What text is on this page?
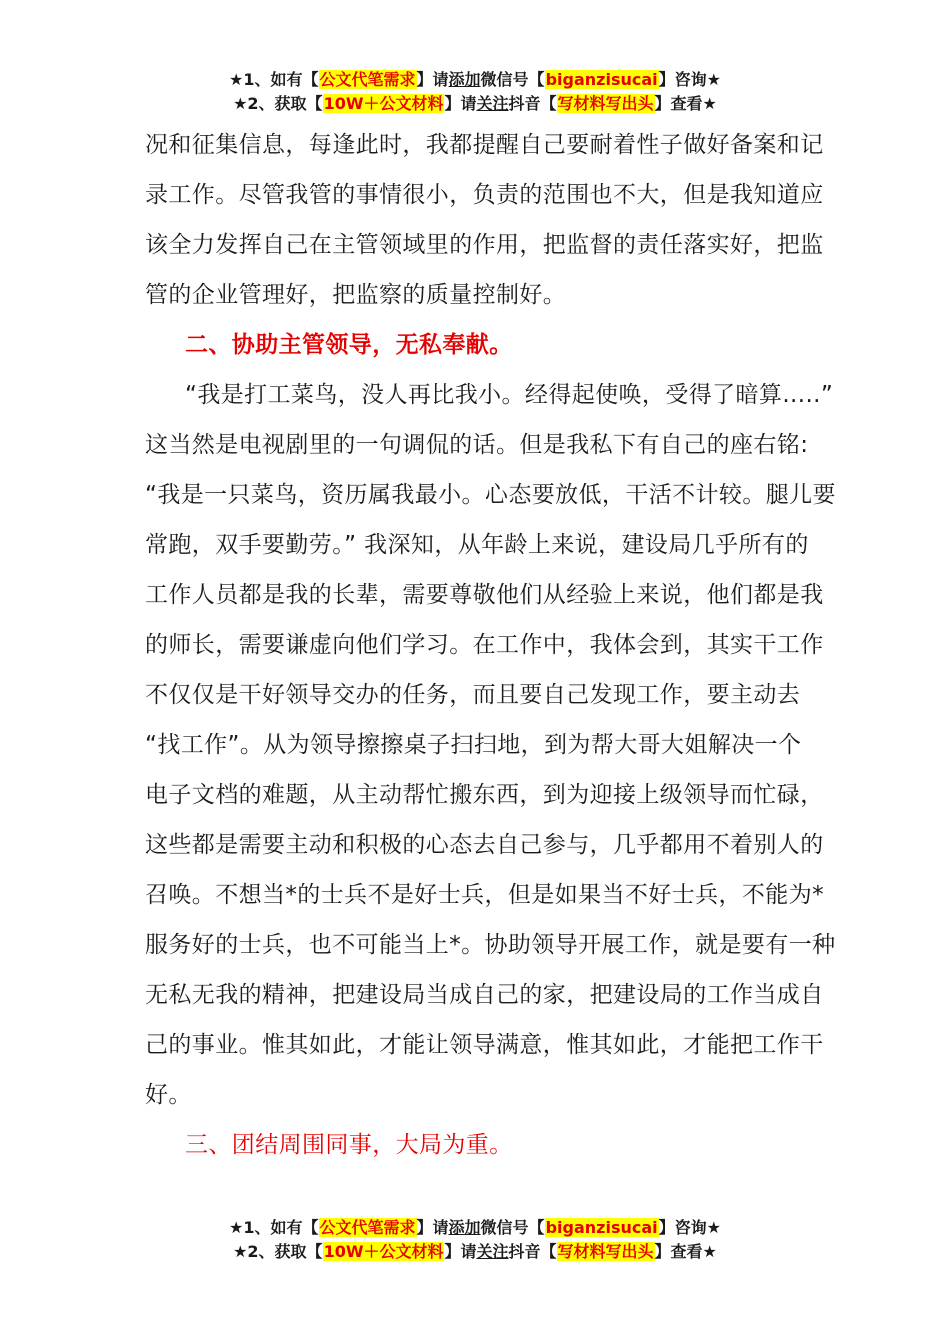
★1、如有【公文代笔需求】请添加微信号【biganzisucai】咨询★
★2、获取【10W＋公文材料】请关注抖音【写材料写出头】查看★
况和征集信息，每逢此时，我都提醒自己要耐着性子做好备案和记
录工作。尽管我管的事情很小，负责的范围也不大，但是我知道应
该全力发挥自己在主管领域里的作用，把监督的责任落实好，把监
管的企业管理好，把监察的质量控制好。
二、协助主管领导，无私奉献。
“我是打工菜鸟，没人再比我小。经得起使唤，受得了暗算.....”
这当然是电视剧里的一句调侃的话。但是我私下有自己的座右铭:
“我是一只菜鸟，资历属我最小。心态要放低，干活不计较。腿儿要
常跑，双手要勤劳。” 我深知，从年龄上来说，建设局几乎所有的
工作人员都是我的长辈，需要尊敬他们从经验上来说，他们都是我
的师长，需要谦虚向他们学习。在工作中，我体会到，其实干工作
不仅仅是干好领导交办的任务，而且要自己发现工作，要主动去
“找工作”。从为领导擦擦桌子扫扫地，到为帮大哥大姐解决一个
电子文档的难题，从主动帮忙搬东西，到为迎接上级领导而忙碌，
这些都是需要主动和积极的心态去自己参与，几乎都用不着别人的
召唤。不想当*的士兵不是好士兵，但是如果当不好士兵，不能为*
服务好的士兵，也不可能当上*。协助领导开展工作，就是要有一种
无私无我的精神，把建设局当成自己的家，把建设局的工作当成自
己的事业。惟其如此，才能让领导满意，惟其如此，才能把工作干
好。
三、团结周围同事，大局为重。
★1、如有【公文代笔需求】请添加微信号【biganzisucai】咨询★
★2、获取【10W＋公文材料】请关注抖音【写材料写出头】查看★
